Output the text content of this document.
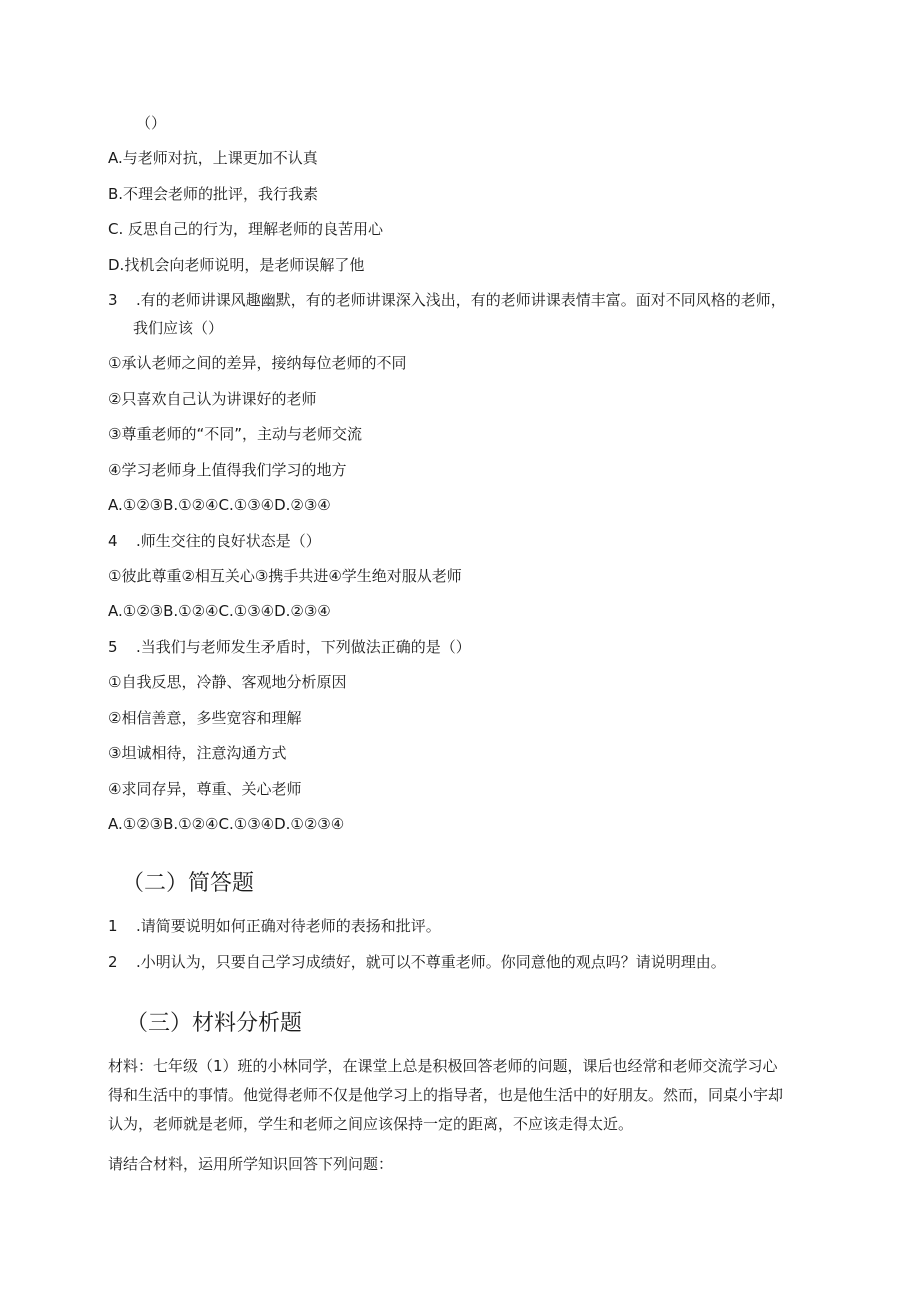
（）
A.与老师对抗，上课更加不认真
B.不理会老师的批评，我行我素
C. 反思自己的行为，理解老师的良苦用心
D.找机会向老师说明，是老师误解了他
3 .有的老师讲课风趣幽默，有的老师讲课深入浅出，有的老师讲课表情丰富。面对不同风格的老师，
我们应该（）
①承认老师之间的差异，接纳每位老师的不同
②只喜欢自己认为讲课好的老师
③尊重老师的“不同”，主动与老师交流
④学习老师身上值得我们学习的地方
A.①②③B.①②④C.①③④D.②③④
4 .师生交往的良好状态是（）
①彼此尊重②相互关心③携手共进④学生绝对服从老师
A.①②③B.①②④C.①③④D.②③④
5 .当我们与老师发生矛盾时，下列做法正确的是（）
①自我反思，冷静、客观地分析原因
②相信善意，多些宽容和理解
③坦诚相待，注意沟通方式
④求同存异，尊重、关心老师
A.①②③B.①②④C.①③④D.①②③④
（二）简答题
1 .请简要说明如何正确对待老师的表扬和批评。
2 .小明认为，只要自己学习成绩好，就可以不尊重老师。你同意他的观点吗？请说明理由。
（三）材料分析题
材料：七年级（1）班的小林同学，在课堂上总是积极回答老师的问题，课后也经常和老师交流学习心
得和生活中的事情。他觉得老师不仅是他学习上的指导者，也是他生活中的好朋友。然而，同桌小宇却
认为，老师就是老师，学生和老师之间应该保持一定的距离，不应该走得太近。
请结合材料，运用所学知识回答下列问题：
